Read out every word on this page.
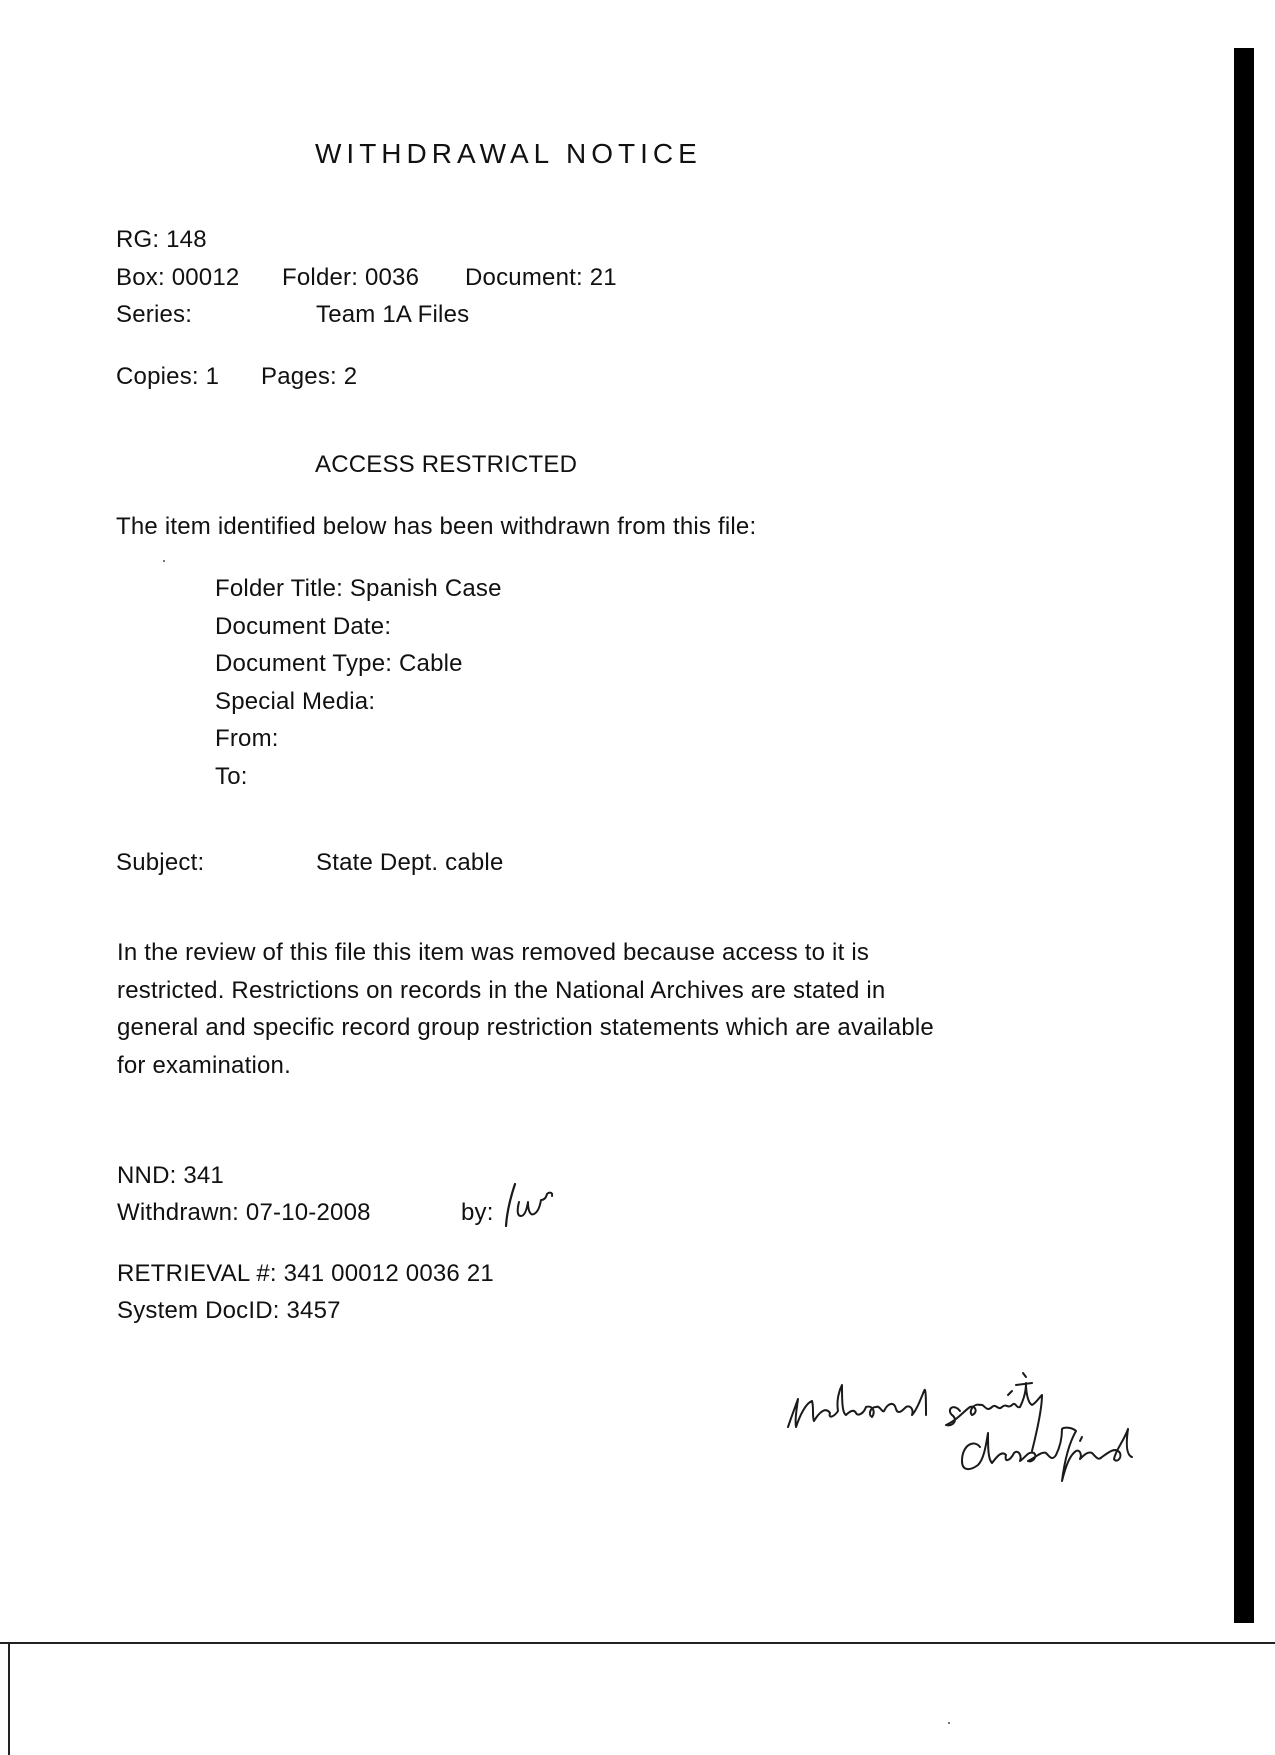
WITHDRAWAL NOTICE
RG: 148
Box: 00012 Folder: 0036 Document: 21
Series:	Team 1A Files
Copies: 1 Pages: 2
ACCESS RESTRICTED
The item identified below has been withdrawn from this file:
Folder Title: Spanish Case
Document Date:
Document Type: Cable
Special Media:
From:
To:
Subject:	State Dept. cable
In the review of this file this item was removed because access to it is
restricted. Restrictions on records in the National Archives are stated in
general and specific record group restriction statements which are available
for examination.
NND: 341
Withdrawn: 07-10-2008	by:
RETRIEVAL #: 341 00012 0036 21
System DocID: 3457
